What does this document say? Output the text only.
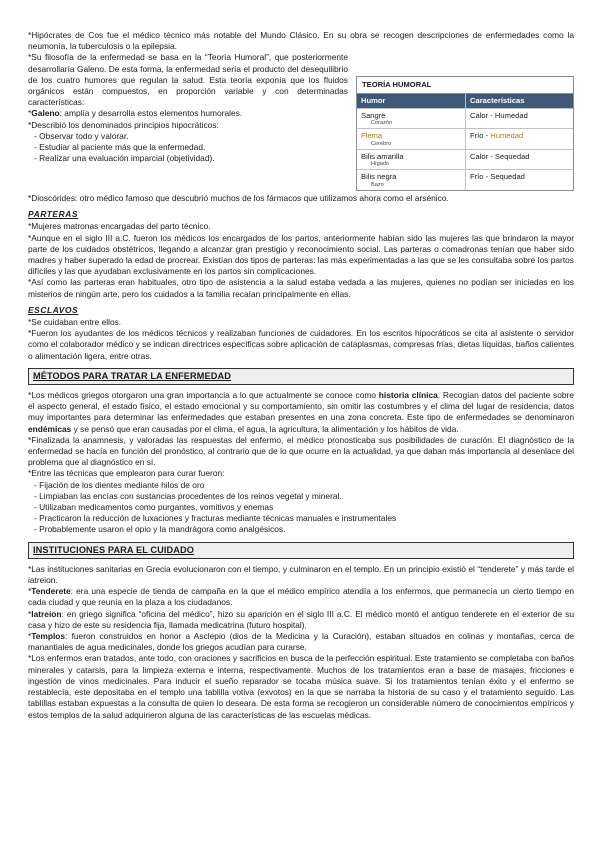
*Hipócrates de Cos fue el médico técnico más notable del Mundo Clásico. En su obra se recogen descripciones de enfermedades como la neumonía, la tuberculosis o la epilepsia.

TEORÍA HUMORAL
Humor	Características
Sangre
Corazón
Calor - Humedad
Flema
Cerebro
Frío - Humedad
Bilis amarilla
Hígado
Calor - Sequedad
Bilis negra
Bazo
Frío - Sequedad

*Su filosofía de la enfermedad se basa en la “Teoría Humoral”, que posteriormente desarrollaría Galeno. De esta forma, la enfermedad sería el producto del desequilibrio de los cuatro humores que regulan la salud. Esta teoría exponía que los fluidos orgánicos están compuestos, en proporción variable y con determinadas características:

*Galeno: amplía y desarrolla estos elementos humorales.

*Describió los denominados principios hipocráticos:

- Observar todo y valorar.

- Estudiar al paciente más que la enfermedad.

- Realizar una evaluación imparcial (objetividad).

*Dioscórides: otro médico famoso que descubrió muchos de los fármacos que utilizamos ahora como el arsénico.

PARTERAS

*Mujeres matronas encargadas del parto técnico.

*Aunque en el siglo III a.C. fueron los médicos los encargados de los partos, anteriormente habían sido las mujeres las que brindaron la mayor parte de los cuidados obstétricos, llegando a alcanzar gran prestigio y reconocimiento social. Las parteras o comadronas tenían que haber sido madres y haber superado la edad de procrear. Existían dos tipos de parteras: las más experimentadas a las que se les consultaba sobre los partos difíciles y las que ayudaban exclusivamente en los partos sin complicaciones.

*Así como las parteras eran habituales, otro tipo de asistencia a la salud estaba vedada a las mujeres, quienes no podían ser iniciadas en los misterios de ningún arte, pero los cuidados a la familia recaían principalmente en ellas.

ESCLAVOS

*Se cuidaban entre ellos.

*Fueron los ayudantes de los médicos técnicos y realizaban funciones de cuidadores. En los escritos hipocráticos se cita al asistente o servidor como el colaborador médico y se indican directrices específicas sobre aplicación de cataplasmas, compresas frías, dietas líquidas, baños calientes o alimentación ligera, entre otras.

MÉTODOS PARA TRATAR LA ENFERMEDAD

*Los médicos griegos otorgaron una gran importancia a lo que actualmente se conoce como historia clínica. Recogían datos del paciente sobre el aspecto general, el estado físico, el estado emocional y su comportamiento, sin omitir las costumbres y el clima del lugar de residencia, datos muy importantes para determinar las enfermedades que estaban presentes en una zona concreta. Este tipo de enfermedades se denominaron endémicas y se pensó que eran causadas por el clima, el agua, la agricultura, la alimentación y los hábitos de vida.

*Finalizada la anamnesis, y valoradas las respuestas del enfermo, el médico pronosticaba sus posibilidades de curación. El diagnóstico de la enfermedad se hacía en función del pronóstico, al contrario que de lo que ocurre en la actualidad, ya que daban más importancia al desenlace del problema que al diagnóstico en sí.

*Entre las técnicas que emplearon para curar fueron:

- Fijación de los dientes mediante hilos de oro

- Limpiaban las encías con sustancias procedentes de los reinos vegetal y mineral.

- Utilizaban medicamentos como purgantes, vomitivos y enemas

- Practicaron la reducción de luxaciones y fracturas mediante técnicas manuales e instrumentales

- Probablemente usaron el opio y la mandrágora como analgésicos.

INSTITUCIONES PARA EL CUIDADO

*Las instituciones sanitarias en Grecia evolucionaron con el tiempo, y culminaron en el templo. En un principio existió el “tenderete” y más tarde el iatreion.

*Tenderete: era una especie de tienda de campaña en la que el médico empírico atendía a los enfermos, que permanecía un cierto tiempo en cada ciudad y que reunía en la plaza a los ciudadanos.

*Iatreion: en griego significa “oficina del médico”, hizo su aparición en el siglo III a.C. El médico montó el antiguo tenderete en el exterior de su casa y hizo de este su residencia fija, llamada medicatrina (futuro hospital).

*Templos: fueron construidos en honor a Asclepio (dios de la Medicina y la Curación), estaban situados en colinas y montañas, cerca de manantiales de agua medicinales, donde los griegos acudían para curarse.

*Los enfermos eran tratados, ante todo, con oraciones y sacrificios en busca de la perfección espiritual. Este tratamiento se completaba con baños minerales y catarsis, para la limpieza externa e interna, respectivamente. Muchos de los tratamientos eran a base de masajes, fricciones e ingestión de vinos medicinales. Para inducir el sueño reparador se tocaba música suave. Si los tratamientos tenían éxito y el enfermo se restablecía, este depositaba en el templo una tablilla votiva (exvotos) en la que se narraba la historia de su caso y el tratamiento seguido. Las tablillas estaban expuestas a la consulta de quien lo deseara. De esta forma se recogieron un considerable número de conocimientos empíricos y estos templos de la salud adquirieron alguna de las características de las escuelas médicas.
